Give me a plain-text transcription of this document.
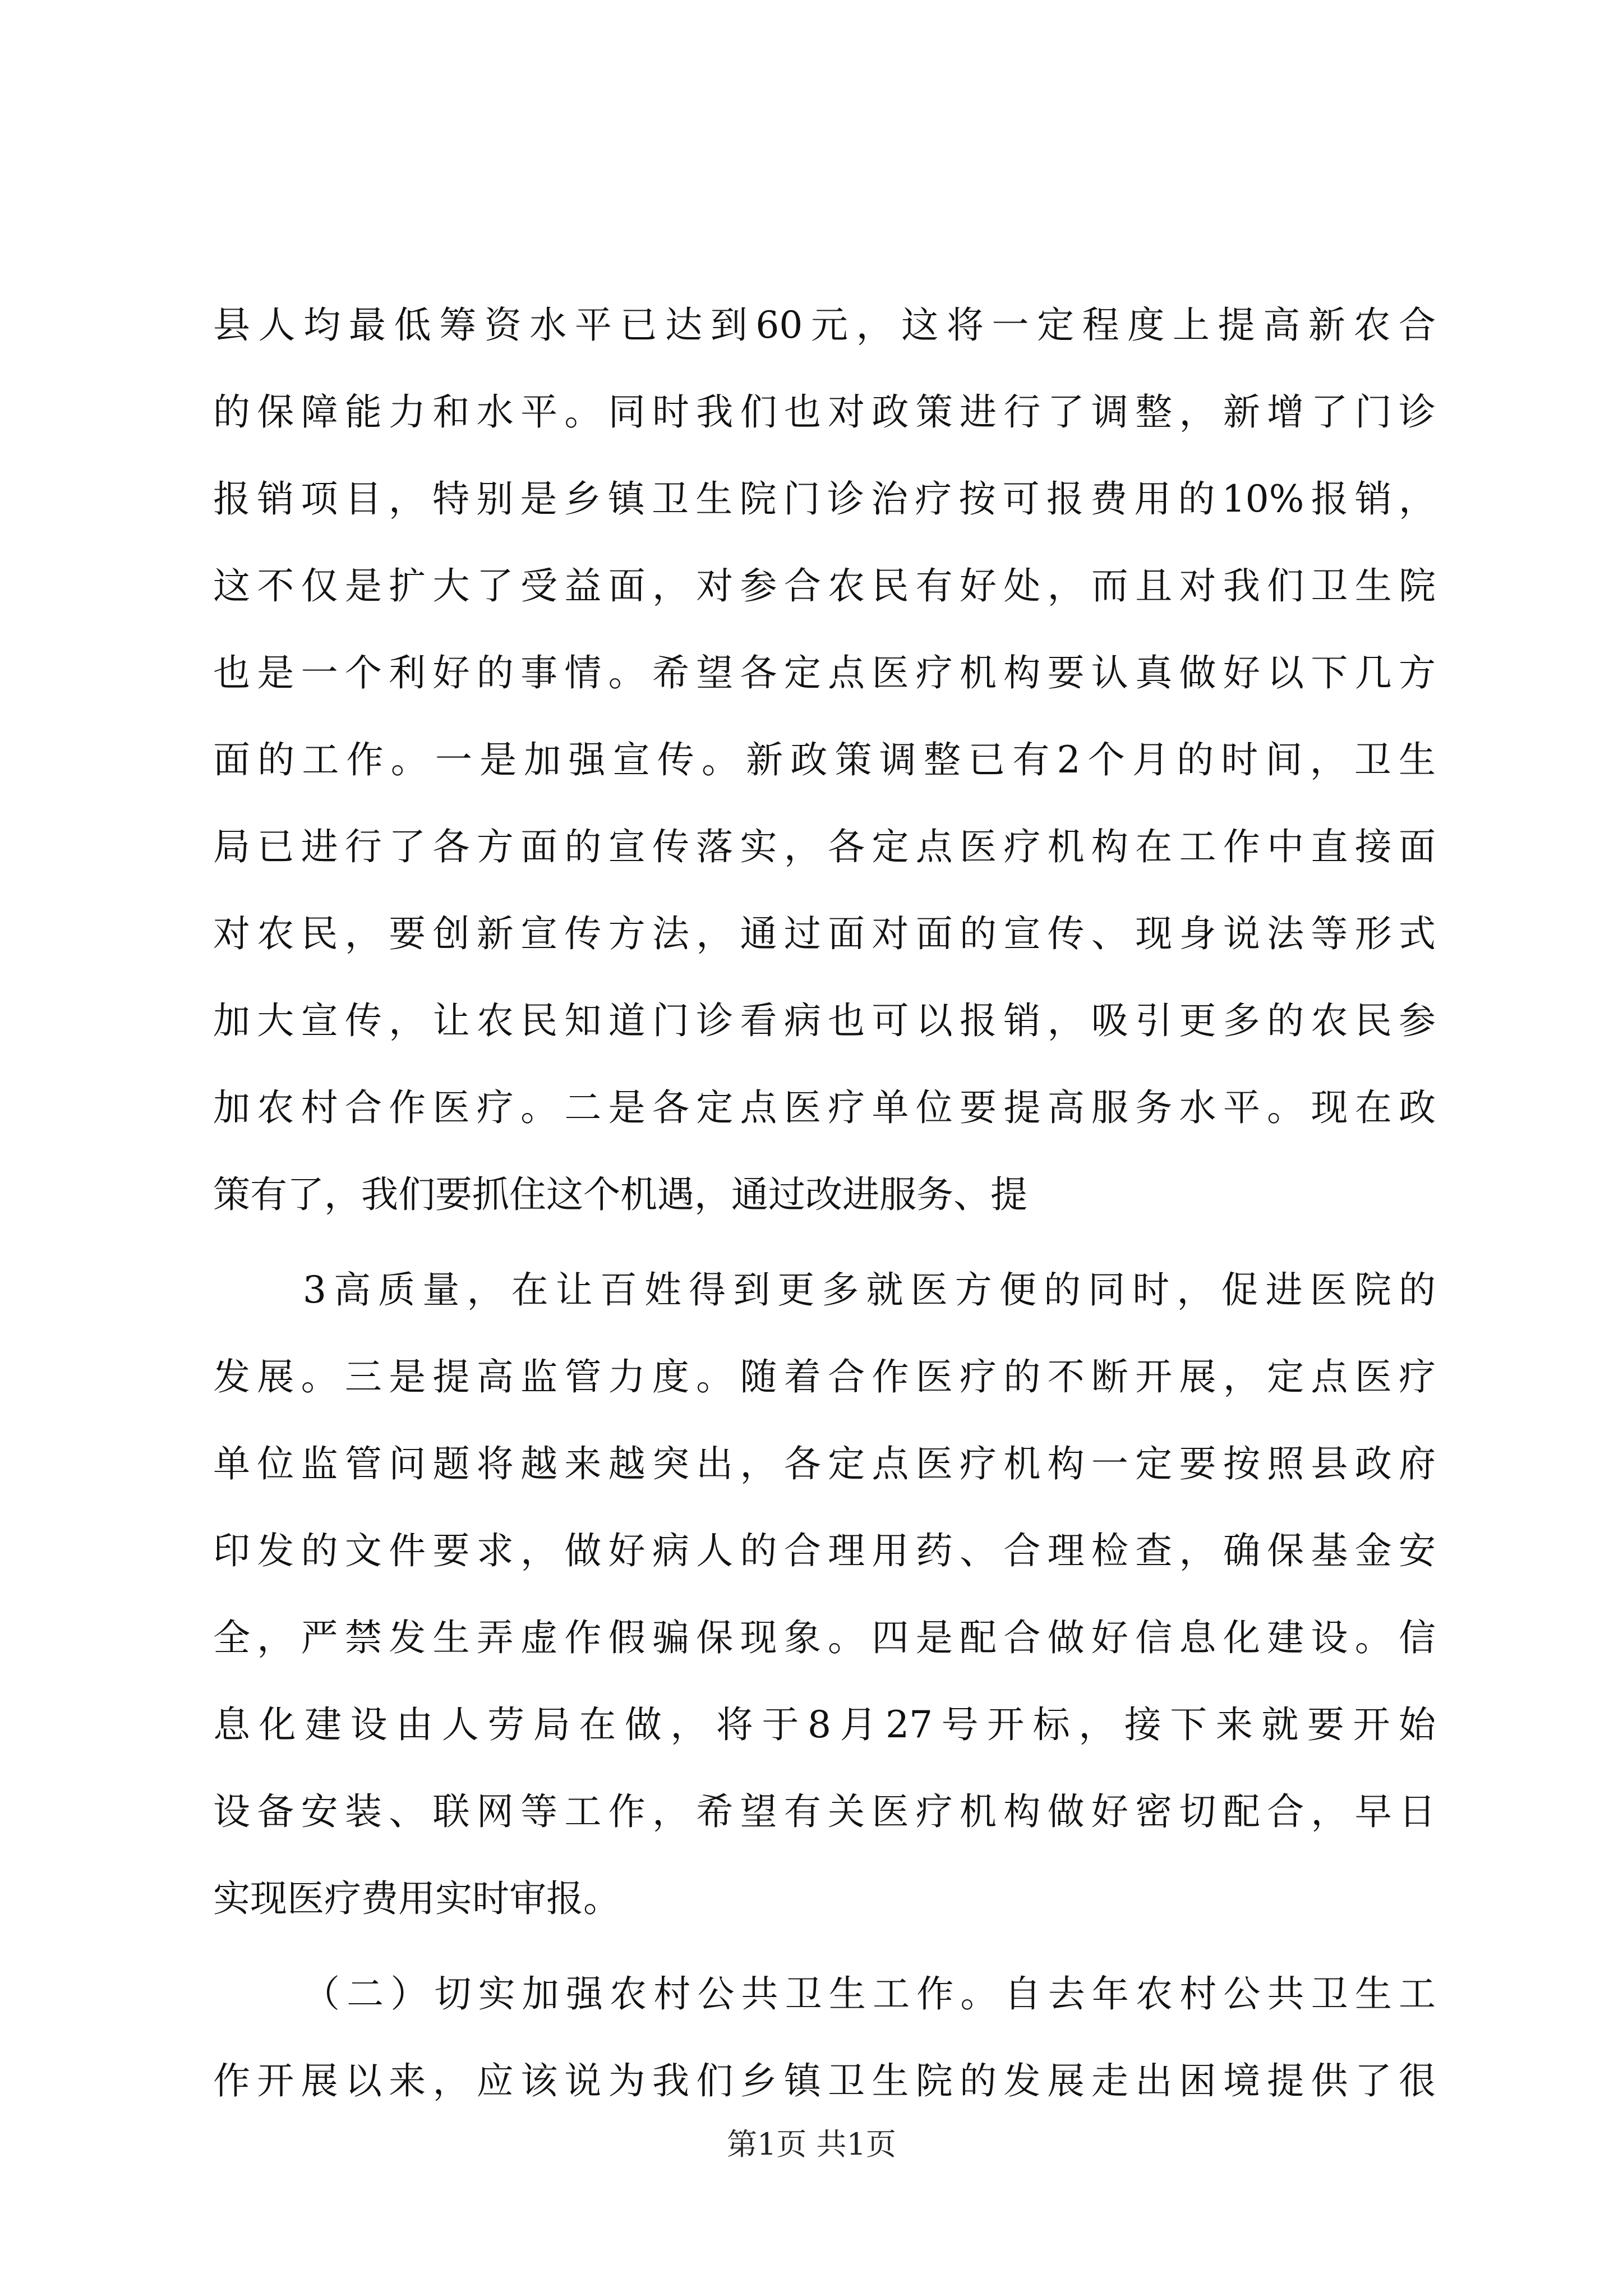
县人均最低筹资水平已达到60元，这将一定程度上提高新农合
的保障能力和水平。同时我们也对政策进行了调整，新增了门诊
报销项目，特别是乡镇卫生院门诊治疗按可报费用的10%报销，
这不仅是扩大了受益面，对参合农民有好处，而且对我们卫生院
也是一个利好的事情。希望各定点医疗机构要认真做好以下几方
面的工作。一是加强宣传。新政策调整已有2个月的时间，卫生
局已进行了各方面的宣传落实，各定点医疗机构在工作中直接面
对农民，要创新宣传方法，通过面对面的宣传、现身说法等形式
加大宣传，让农民知道门诊看病也可以报销，吸引更多的农民参
加农村合作医疗。二是各定点医疗单位要提高服务水平。现在政
策有了，我们要抓住这个机遇，通过改进服务、提
3高质量，在让百姓得到更多就医方便的同时，促进医院的
发展。三是提高监管力度。随着合作医疗的不断开展，定点医疗
单位监管问题将越来越突出，各定点医疗机构一定要按照县政府
印发的文件要求，做好病人的合理用药、合理检查，确保基金安
全，严禁发生弄虚作假骗保现象。四是配合做好信息化建设。信
息化建设由人劳局在做，将于8月27号开标，接下来就要开始
设备安装、联网等工作，希望有关医疗机构做好密切配合，早日
实现医疗费用实时审报。
（二）切实加强农村公共卫生工作。自去年农村公共卫生工
作开展以来，应该说为我们乡镇卫生院的发展走出困境提供了很
第1页 共1页
